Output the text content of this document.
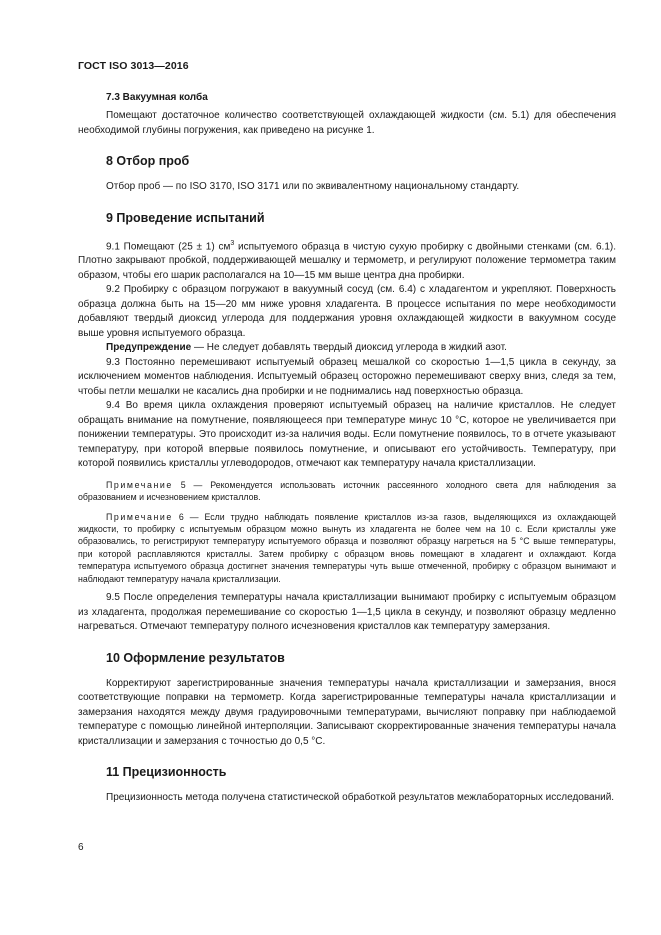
ГОСТ ISO 3013—2016
7.3 Вакуумная колба

Помещают достаточное количество соответствующей охлаждающей жидкости (см. 5.1) для обеспечения необходимой глубины погружения, как приведено на рисунке 1.

8 Отбор проб

Отбор проб — по ISO 3170, ISO 3171 или по эквивалентному национальному стандарту.

9 Проведение испытаний

9.1 Помещают (25 ± 1) $см^3$ испытуемого образца в чистую сухую пробирку с двойными стенками (см. 6.1). Плотно закрывают пробкой, поддерживающей мешалку и термометр, и регулируют положение термометра таким образом, чтобы его шарик располагался на 10—15 мм выше центра дна пробирки.

9.2 Пробирку с образцом погружают в вакуумный сосуд (см. 6.4) с хладагентом и укрепляют. Поверхность образца должна быть на 15—20 мм ниже уровня хладагента. В процессе испытания по мере необходимости добавляют твердый диоксид углерода для поддержания уровня охлаждающей жидкости в вакуумном сосуде выше уровня испытуемого образца.

Предупреждение — Не следует добавлять твердый диоксид углерода в жидкий азот.

9.3 Постоянно перемешивают испытуемый образец мешалкой со скоростью 1—1,5 цикла в секунду, за исключением моментов наблюдения. Испытуемый образец осторожно перемешивают сверху вниз, следя за тем, чтобы петли мешалки не касались дна пробирки и не поднимались над поверхностью образца.

9.4 Во время цикла охлаждения проверяют испытуемый образец на наличие кристаллов. Не следует обращать внимание на помутнение, появляющееся при температуре минус 10 °С, которое не увеличивается при понижении температуры. Это происходит из-за наличия воды. Если помутнение появилось, то в отчете указывают температуру, при которой впервые появилось помутнение, и описывают его устойчивость. Температуру, при которой появились кристаллы углеводородов, отмечают как температуру начала кристаллизации.

Примечание 5 — Рекомендуется использовать источник рассеянного холодного света для наблюдения за образованием и исчезновением кристаллов.
Примечание 6 — Если трудно наблюдать появление кристаллов из-за газов, выделяющихся из охлаждающей жидкости, то пробирку с испытуемым образцом можно вынуть из хладагента не более чем на 10 с. Если кристаллы уже образовались, то регистрируют температуру испытуемого образца и позволяют образцу нагреться на 5 °С выше температуры, при которой расплавляются кристаллы. Затем пробирку с образцом вновь помещают в хладагент и охлаждают. Когда температура испытуемого образца достигнет значения температуры чуть выше отмеченной, пробирку с образцом вынимают и наблюдают температуру начала кристаллизации.

9.5 После определения температуры начала кристаллизации вынимают пробирку с испытуемым образцом из хладагента, продолжая перемешивание со скоростью 1—1,5 цикла в секунду, и позволяют образцу медленно нагреваться. Отмечают температуру полного исчезновения кристаллов как температуру замерзания.

10 Оформление результатов

Корректируют зарегистрированные значения температуры начала кристаллизации и замерзания, внося соответствующие поправки на термометр. Когда зарегистрированные температуры начала кристаллизации и замерзания находятся между двумя градуировочными температурами, вычисляют поправку при наблюдаемой температуре с помощью линейной интерполяции. Записывают скорректированные значения температуры начала кристаллизации и замерзания с точностью до 0,5 °С.

11 Прецизионность

Прецизионность метода получена статистической обработкой результатов межлабораторных исследований.

6
